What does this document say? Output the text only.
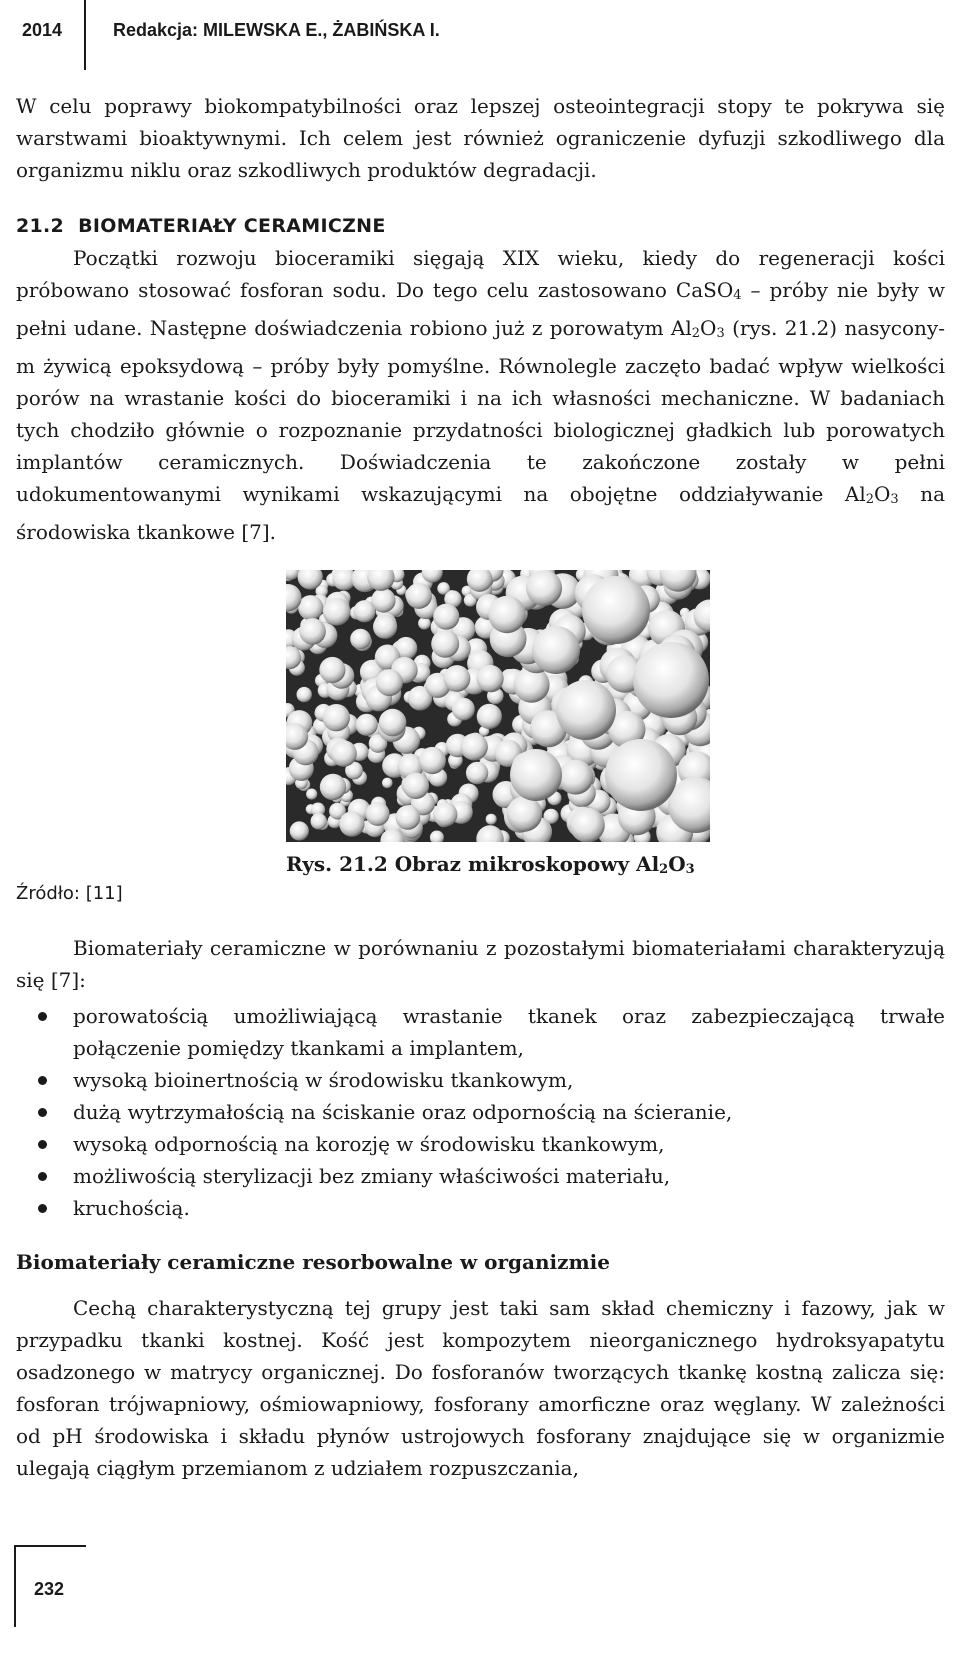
2014	Redakcja: MILEWSKA E., ŻABIŃSKA I.
W celu poprawy biokompatybilności oraz lepszej osteointegracji stopy te pokrywa się warstwami bioaktywnymi. Ich celem jest również ograniczenie dyfuzji szkodliwego dla organizmu niklu oraz szkodliwych produktów degradacji.
21.2 BIOMATERIAŁY CERAMICZNE
Początki rozwoju bioceramiki sięgają XIX wieku, kiedy do regeneracji kości próbowano stosować fosforan sodu. Do tego celu zastosowano CaSO$_4$ – próby nie były w pełni udane. Następne doświadczenia robiono już z porowatym $Al_2O_3$ (rys. 21.2) nasyconym żywicą epoksydową – próby były pomyślne. Równolegle zaczęto badać wpływ wielkości porów na wrastanie kości do bioceramiki i na ich własności mechaniczne. W badaniach tych chodziło głównie o rozpoznanie przydatności biologicznej gładkich lub porowatych implantów ceramicznych. Doświadczenia te zakończone zostały w pełni udokumentowanymi wynikami wskazującymi na obojętne oddziaływanie $Al_2O_3$ na środowiska tkankowe [7].
Rys. 21.2 Obraz mikroskopowy $Al_2O_3$
Źródło: [11]
Biomateriały ceramiczne w porównaniu z pozostałymi biomateriałami charakteryzują się [7]:
porowatością umożliwiającą wrastanie tkanek oraz zabezpieczającą trwałe połączenie pomiędzy tkankami a implantem,
wysoką bioinertnością w środowisku tkankowym,
dużą wytrzymałością na ściskanie oraz odpornością na ścieranie,
wysoką odpornością na korozję w środowisku tkankowym,
możliwością sterylizacji bez zmiany właściwości materiału,
kruchością.
Biomateriały ceramiczne resorbowalne w organizmie
Cechą charakterystyczną tej grupy jest taki sam skład chemiczny i fazowy, jak w przypadku tkanki kostnej. Kość jest kompozytem nieorganicznego hydroksyapatytu osadzonego w matrycy organicznej. Do fosforanów tworzących tkankę kostną zalicza się: fosforan trójwapniowy, ośmiowapniowy, fosforany amorficzne oraz węglany. W zależności od pH środowiska i składu płynów ustrojowych fosforany znajdujące się w organizmie ulegają ciągłym przemianom z udziałem rozpuszczania,
232
